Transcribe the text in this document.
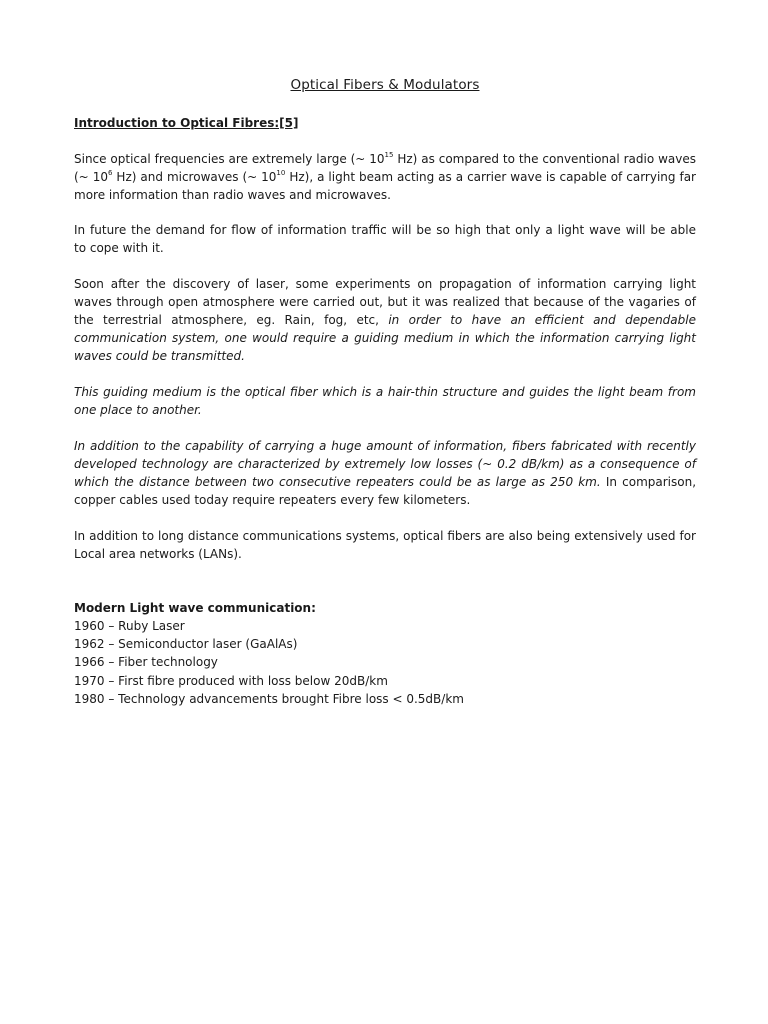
Optical Fibers & Modulators
Introduction to Optical Fibres:[5]
Since optical frequencies are extremely large (~ $10^{15}$ Hz) as compared to the conventional radio waves
(~ $10^6$ Hz) and microwaves (~ $10^{10}$ Hz), a light beam acting as a carrier wave is capable of carrying far
more information than radio waves and microwaves.
In future the demand for flow of information traffic will be so high that only a light wave will be able
to cope with it.
Soon after the discovery of laser, some experiments on propagation of information carrying light
waves through open atmosphere were carried out, but it was realized that because of the vagaries of
the terrestrial atmosphere, eg. Rain, fog, etc, in order to have an efficient and dependable
communication system, one would require a guiding medium in which the information carrying light
waves could be transmitted.
This guiding medium is the optical fiber which is a hair-thin structure and guides the light beam from
one place to another.
In addition to the capability of carrying a huge amount of information, fibers fabricated with recently
developed technology are characterized by extremely low losses (~ 0.2 dB/km) as a consequence of
which the distance between two consecutive repeaters could be as large as 250 km. In comparison,
copper cables used today require repeaters every few kilometers.
In addition to long distance communications systems, optical fibers are also being extensively used for
Local area networks (LANs).
Modern Light wave communication:
1960 – Ruby Laser
1962 – Semiconductor laser (GaAlAs)
1966 – Fiber technology
1970 – First fibre produced with loss below 20dB/km
1980 – Technology advancements brought Fibre loss < 0.5dB/km
